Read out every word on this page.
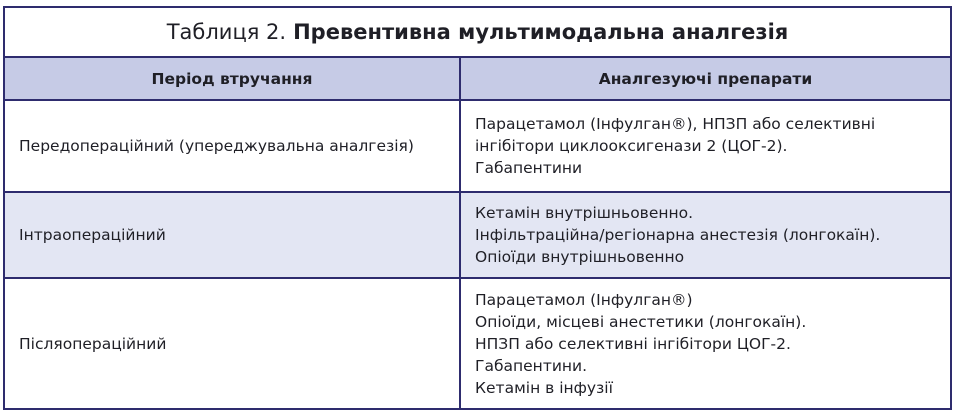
Таблиця 2. Превентивна мультимодальна аналгезія
Період втручання	Аналгезуючі препарати
Передопераційний (упереджувальна аналгезія)
Парацетамол (Інфулган®), НПЗП або селективні
інгібітори циклооксигенази 2 (ЦОГ-2).
Габапентини
Інтраопераційний
Кетамін внутрішньовенно.
Інфільтраційна/регіонарна анестезія (лонгокаїн).
Опіоїди внутрішньовенно
Післяопераційний
Парацетамол (Інфулган®)
Опіоїди, місцеві анестетики (лонгокаїн).
НПЗП або селективні інгібітори ЦОГ-2.
Габапентини.
Кетамін в інфузії
